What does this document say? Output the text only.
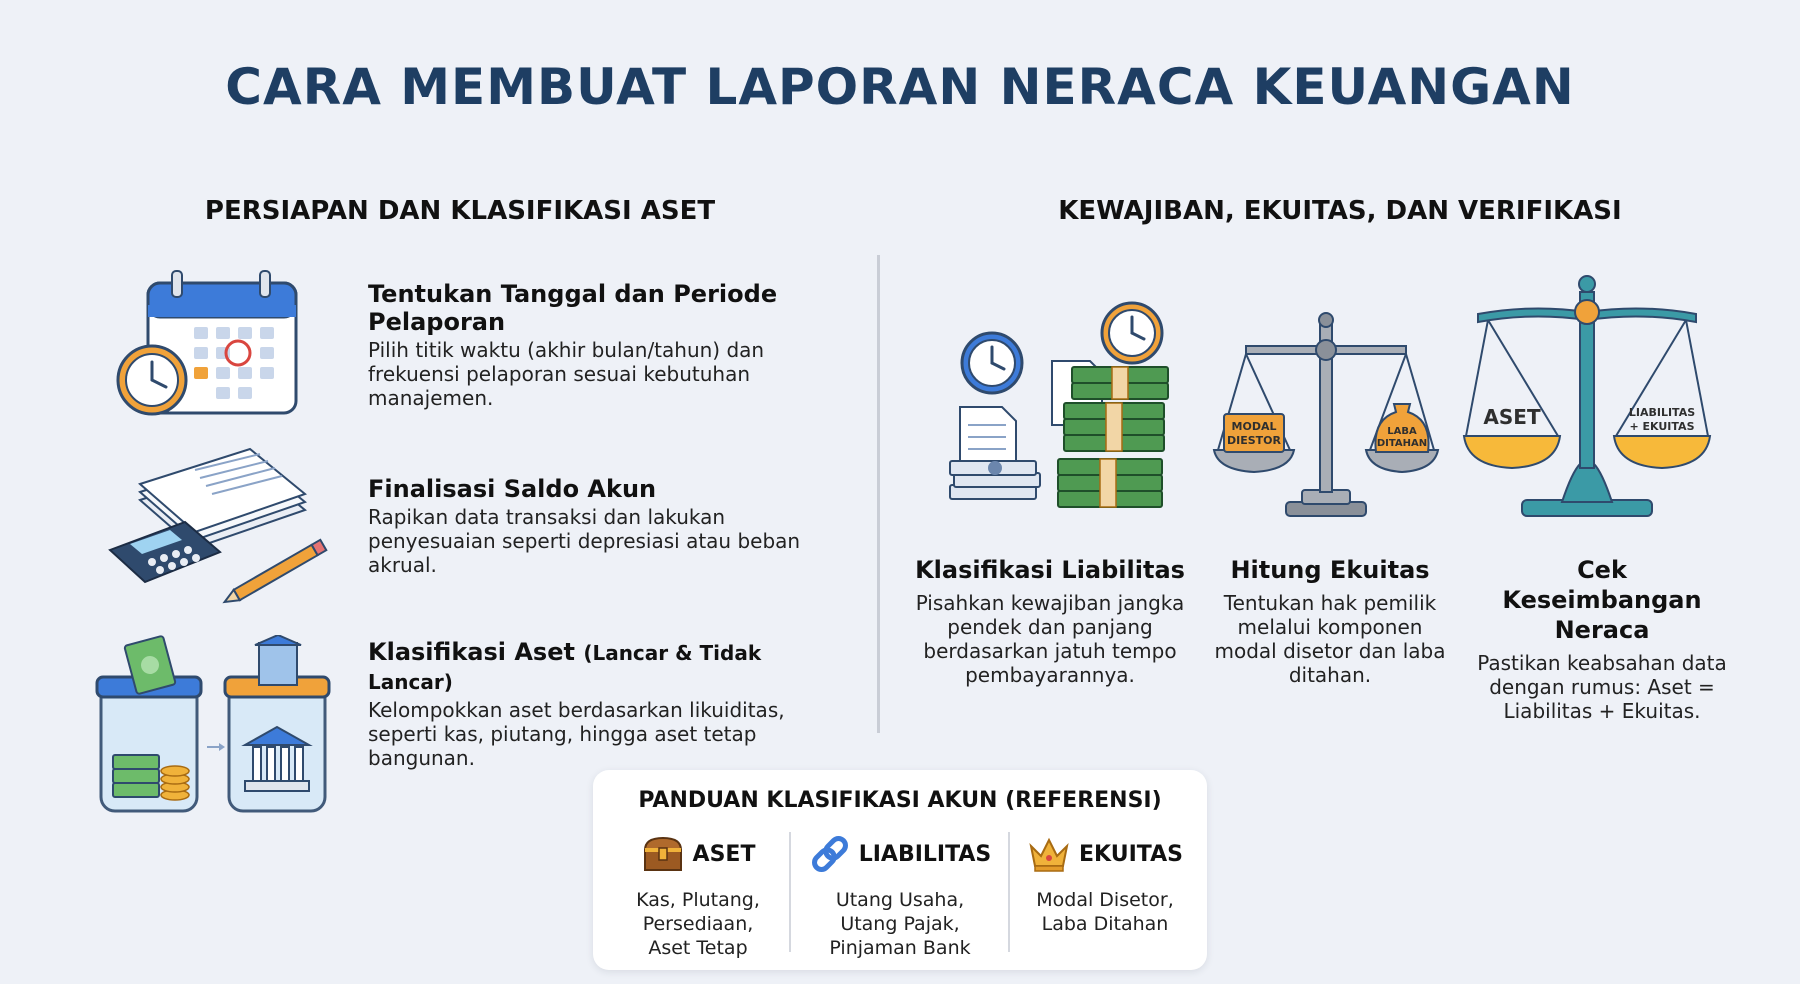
CARA MEMBUAT LAPORAN NERACA KEUANGAN
PERSIAPAN DAN KLASIFIKASI ASET	KEWAJIBAN, EKUITAS, DAN VERIFIKASI
Tentukan Tanggal dan Periode Pelaporan
Pilih titik waktu (akhir bulan/tahun) dan frekuensi pelaporan sesuai kebutuhan manajemen.
Finalisasi Saldo Akun
Rapikan data transaksi dan lakukan penyesuaian seperti depresiasi atau beban akrual.
Klasifikasi Aset (Lancar & Tidak Lancar)
Kelompokkan aset berdasarkan likuiditas, seperti kas, piutang, hingga aset tetap bangunan.
Klasifikasi Liabilitas
Pisahkan kewajiban jangka pendek dan panjang berdasarkan jatuh tempo pembayarannya.
MODAL
DIESTOR
LABA
DITAHAN
Hitung Ekuitas
Tentukan hak pemilik melalui komponen modal disetor dan laba ditahan.
ASET	LIABILITAS
+ EKUITAS
Cek Keseimbangan Neraca
Pastikan keabsahan data dengan rumus: Aset = Liabilitas + Ekuitas.
PANDUAN KLASIFIKASI AKUN (REFERENSI)
ASET
Kas, Plutang,
Persediaan,
Aset Tetap
LIABILITAS
Utang Usaha,
Utang Pajak,
Pinjaman Bank
EKUITAS
Modal Disetor,
Laba Ditahan
